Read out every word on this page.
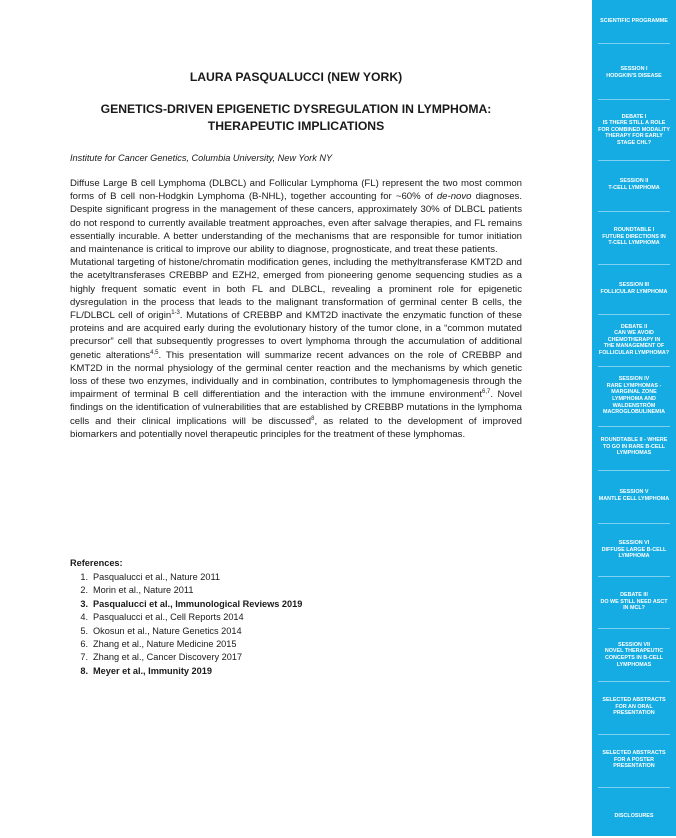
LAURA PASQUALUCCI (NEW YORK)
GENETICS-DRIVEN EPIGENETIC DYSREGULATION IN LYMPHOMA:
THERAPEUTIC IMPLICATIONS

Institute for Cancer Genetics, Columbia University, New York NY

Diffuse Large B cell Lymphoma (DLBCL) and Follicular Lymphoma (FL) represent the two most common forms of B cell non-Hodgkin Lymphoma (B-NHL), together accounting for ~60% of de-novo diagnoses. Despite significant progress in the management of these cancers, approximately 30% of DLBCL patients do not respond to currently available treatment approaches, even after salvage therapies, and FL remains essentially incurable. A better understanding of the mechanisms that are responsible for tumor initiation and maintenance is critical to improve our ability to diagnose, prognosticate, and treat these patients.

Mutational targeting of histone/chromatin modification genes, including the methyltransferase KMT2D and the acetyltransferases CREBBP and EZH2, emerged from pioneering genome sequencing studies as a highly frequent somatic event in both FL and DLBCL, revealing a prominent role for epigenetic dysregulation in the process that leads to the malignant transformation of germinal center B cells, the FL/DLBCL cell of origin$^{1-3}$. Mutations of CREBBP and KMT2D inactivate the enzymatic function of these proteins and are acquired early during the evolutionary history of the tumor clone, in a “common mutated precursor” cell that subsequently progresses to overt lymphoma through the accumulation of additional genetic alterations$^{4,5}$. This presentation will summarize recent advances on the role of CREBBP and KMT2D in the normal physiology of the germinal center reaction and the mechanisms by which genetic loss of these two enzymes, individually and in combination, contributes to lymphomagenesis through the impairment of terminal B cell differentiation and the interaction with the immune environment$^{6,7}$. Novel findings on the identification of vulnerabilities that are established by CREBBP mutations in the lymphoma cells and their clinical implications will be discussed$^8$, as related to the development of improved biomarkers and potentially novel therapeutic principles for the treatment of these lymphomas.

References:

1. Pasqualucci et al., Nature 2011
2. Morin et al., Nature 2011
3. Pasqualucci et al., Immunological Reviews 2019
4. Pasqualucci et al., Cell Reports 2014
5. Okosun et al., Nature Genetics 2014
6. Zhang et al., Nature Medicine 2015
7. Zhang et al., Cancer Discovery 2017
8. Meyer et al., Immunity 2019
SCIENTIFIC PROGRAMME
SESSION I
HODGKIN'S DISEASE
DEBATE I
IS THERE STILL A ROLE
FOR COMBINED MODALITY
THERAPY FOR EARLY
STAGE CHL?
SESSION II
T-CELL LYMPHOMA
ROUNDTABLE I
FUTURE DIRECTIONS IN
T-CELL LYMPHOMA
SESSION III
FOLLICULAR LYMPHOMA
DEBATE II
CAN WE AVOID
CHEMOTHERAPY IN
THE MANAGEMENT OF
FOLLICULAR LYMPHOMA?
SESSION IV
RARE LYMPHOMAS -
MARGINAL ZONE
LYMPHOMA AND
WALDENSTRÖM
MACROGLOBULINEMIA
ROUNDTABLE II - WHERE
TO GO IN RARE B-CELL
LYMPHOMAS
SESSION V
MANTLE CELL LYMPHOMA
SESSION VI
DIFFUSE LARGE B-CELL
LYMPHOMA
DEBATE III
DO WE STILL NEED ASCT
IN MCL?
SESSION VII
NOVEL THERAPEUTIC
CONCEPTS IN B-CELL
LYMPHOMAS
SELECTED ABSTRACTS
FOR AN ORAL
PRESENTATION
SELECTED ABSTRACTS
FOR A POSTER
PRESENTATION
DISCLOSURES
